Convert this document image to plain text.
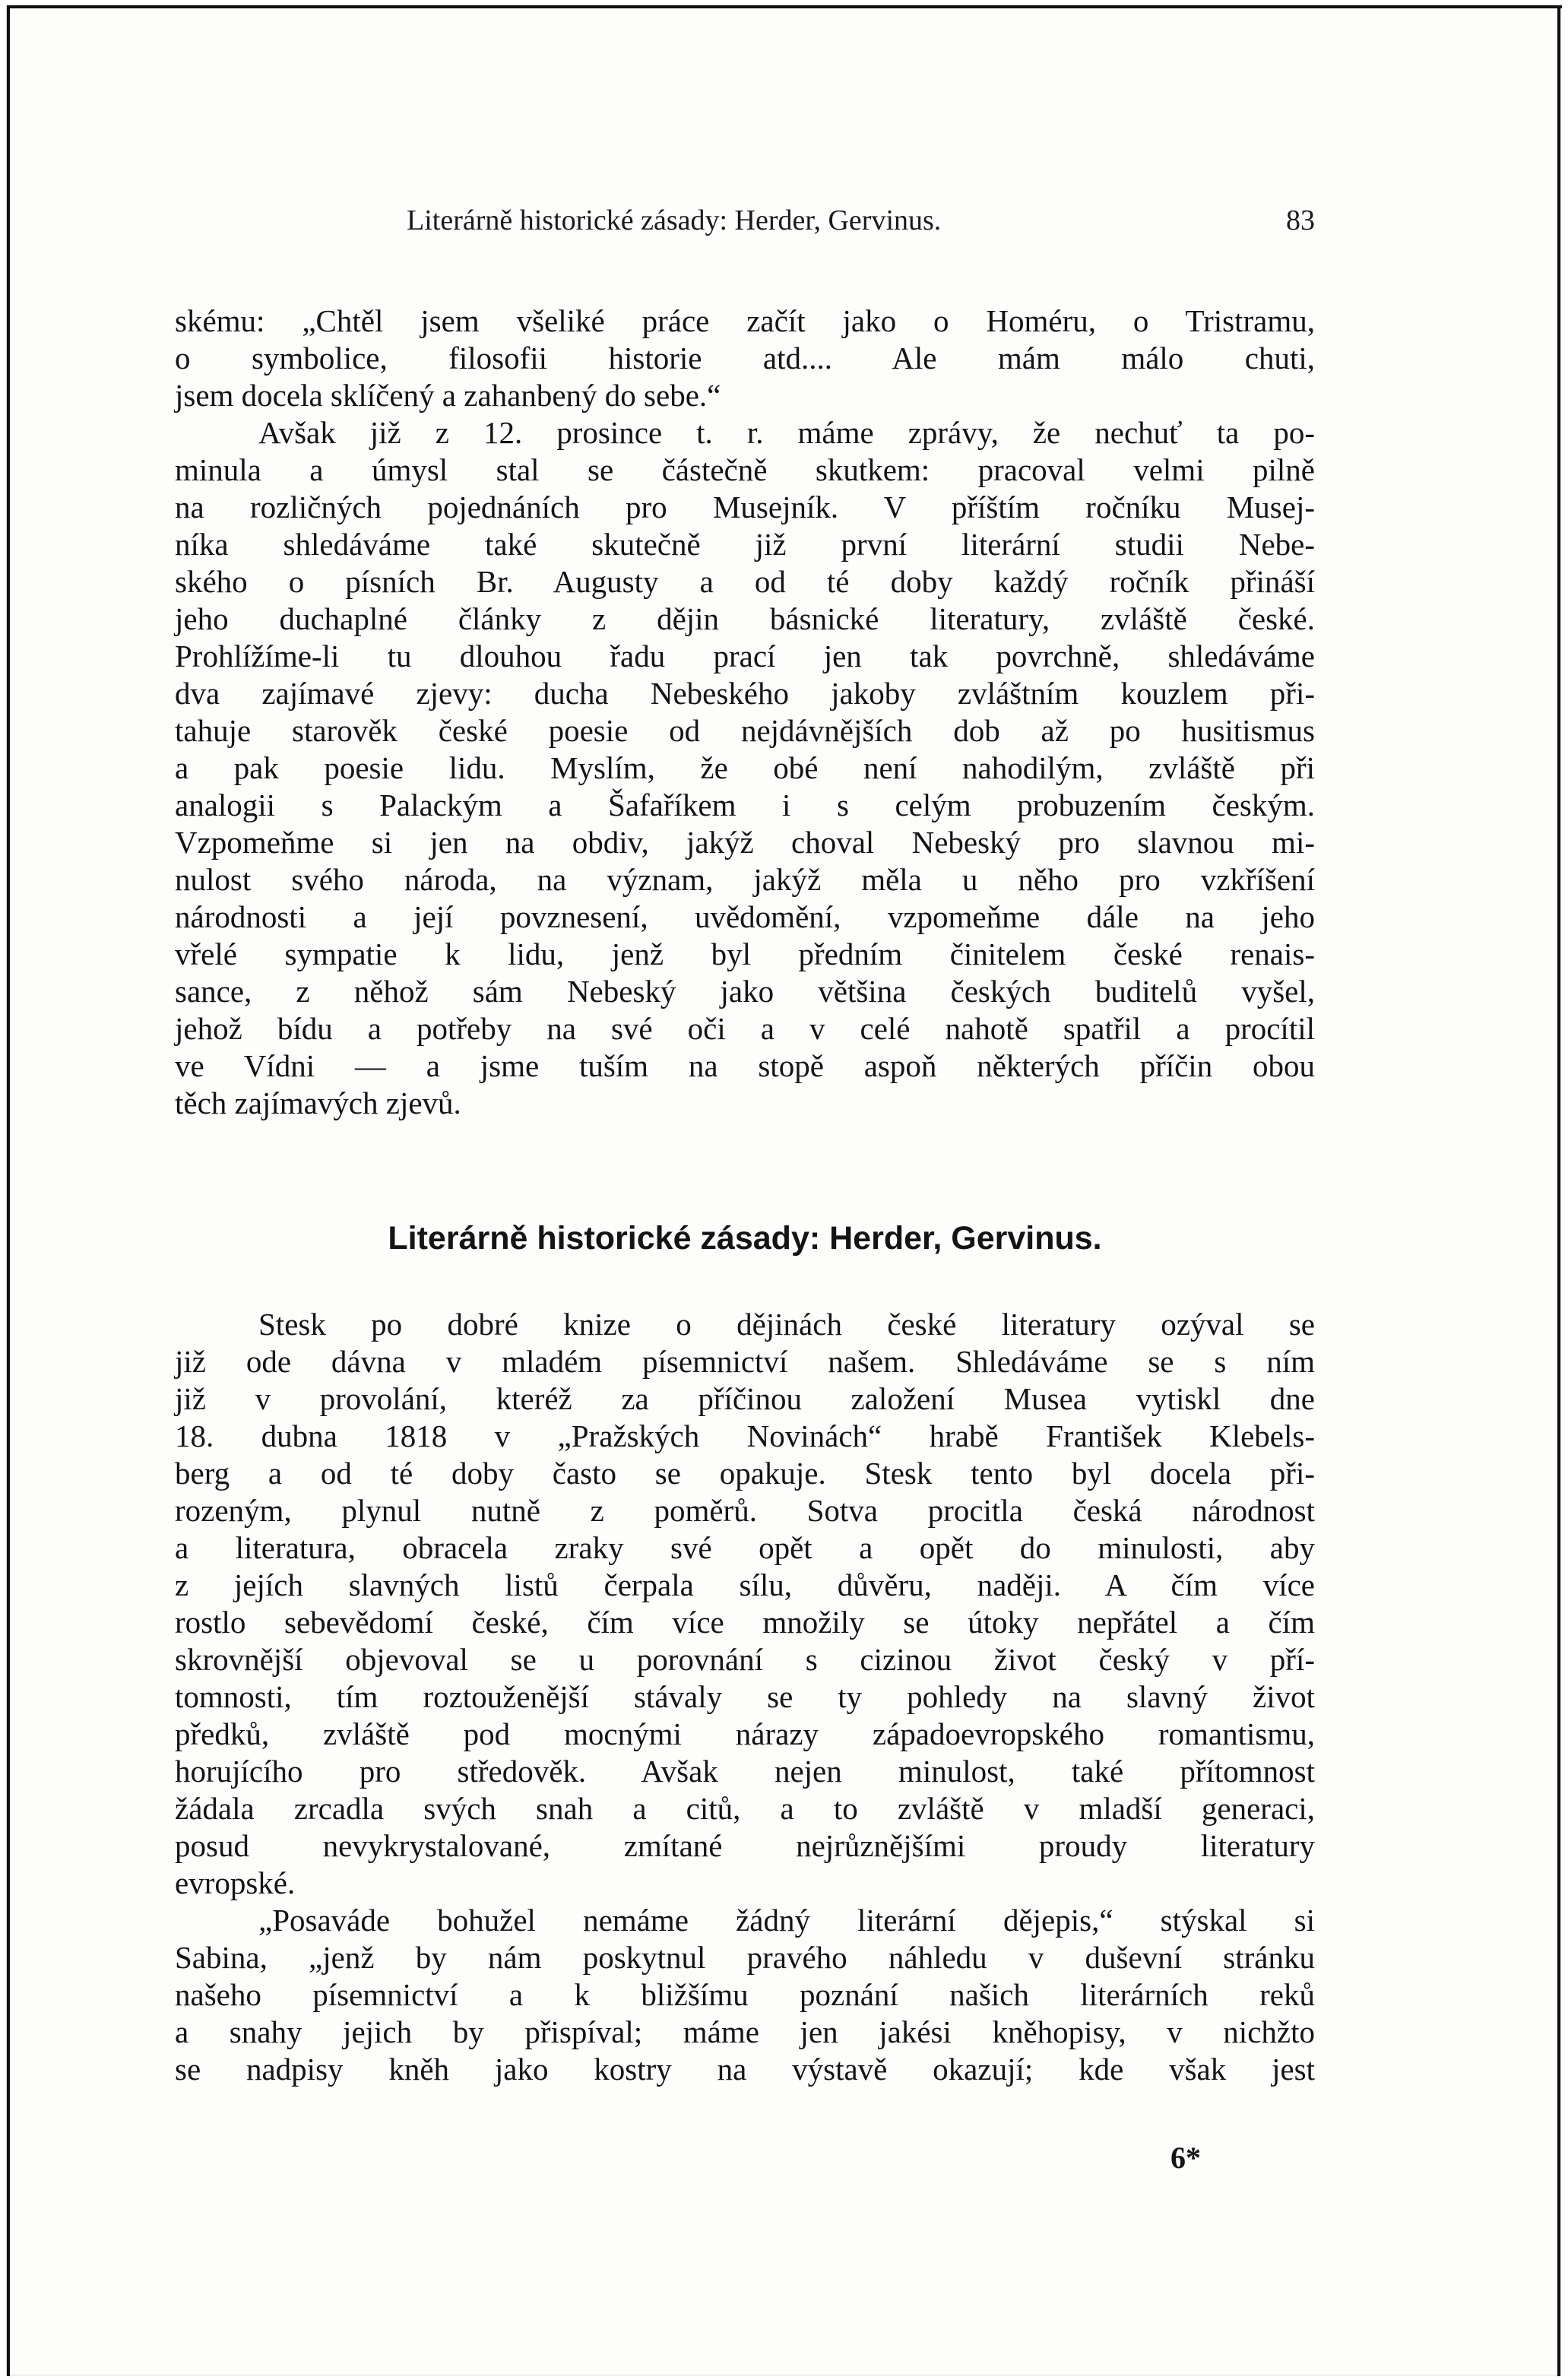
Literárně historické zásady: Herder, Gervinus.	83
skému: „Chtěl jsem všeliké práce začít jako o Homéru, o Tristramu,
o symbolice, filosofii historie atd.... Ale mám málo chuti,
jsem docela sklíčený a zahanbený do sebe.“
Avšak již z 12. prosince t. r. máme zprávy, že nechuť ta po-
minula a úmysl stal se částečně skutkem: pracoval velmi pilně
na rozličných pojednáních pro Musejník. V příštím ročníku Musej-
níka shledáváme také skutečně již první literární studii Nebe-
ského o písních Br. Augusty a od té doby každý ročník přináší
jeho duchaplné články z dějin básnické literatury, zvláště české.
Prohlížíme-li tu dlouhou řadu prací jen tak povrchně, shledáváme
dva zajímavé zjevy: ducha Nebeského jakoby zvláštním kouzlem při-
tahuje starověk české poesie od nejdávnějších dob až po husitismus
a pak poesie lidu. Myslím, že obé není nahodilým, zvláště při
analogii s Palackým a Šafaříkem i s celým probuzením českým.
Vzpomeňme si jen na obdiv, jakýž choval Nebeský pro slavnou mi-
nulost svého národa, na význam, jakýž měla u něho pro vzkříšení
národnosti a její povznesení, uvědomění, vzpomeňme dále na jeho
vřelé sympatie k lidu, jenž byl předním činitelem české renais-
sance, z něhož sám Nebeský jako většina českých buditelů vyšel,
jehož bídu a potřeby na své oči a v celé nahotě spatřil a procítil
ve Vídni — a jsme tuším na stopě aspoň některých příčin obou
těch zajímavých zjevů.
Literárně historické zásady: Herder, Gervinus.
Stesk po dobré knize o dějinách české literatury ozýval se
již ode dávna v mladém písemnictví našem. Shledáváme se s ním
již v provolání, kteréž za příčinou založení Musea vytiskl dne
18. dubna 1818 v „Pražských Novinách“ hrabě František Klebels-
berg a od té doby často se opakuje. Stesk tento byl docela při-
rozeným, plynul nutně z poměrů. Sotva procitla česká národnost
a literatura, obracela zraky své opět a opět do minulosti, aby
z jejích slavných listů čerpala sílu, důvěru, naději. A čím více
rostlo sebevědomí české, čím více množily se útoky nepřátel a čím
skrovnější objevoval se u porovnání s cizinou život český v pří-
tomnosti, tím roztouženější stávaly se ty pohledy na slavný život
předků, zvláště pod mocnými nárazy západoevropského romantismu,
horujícího pro středověk. Avšak nejen minulost, také přítomnost
žádala zrcadla svých snah a citů, a to zvláště v mladší generaci,
posud nevykrystalované, zmítané nejrůznějšími proudy literatury
evropské.
„Posaváde bohužel nemáme žádný literární dějepis,“ stýskal si
Sabina, „jenž by nám poskytnul pravého náhledu v duševní stránku
našeho písemnictví a k bližšímu poznání našich literárních reků
a snahy jejich by přispíval; máme jen jakési kněhopisy, v nichžto
se nadpisy kněh jako kostry na výstavě okazují; kde však jest
6*
